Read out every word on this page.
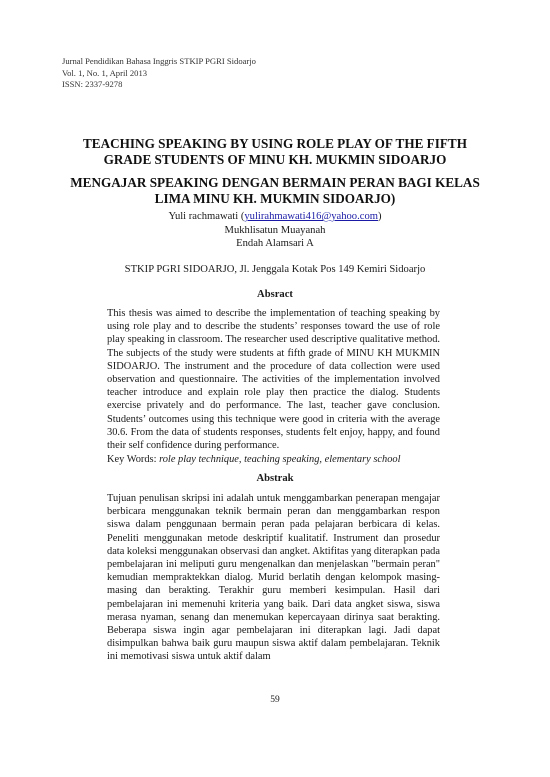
Jurnal Pendidikan Bahasa Inggris STKIP PGRI Sidoarjo
Vol. 1, No. 1, April 2013
ISSN: 2337-9278
TEACHING SPEAKING BY USING ROLE PLAY OF THE FIFTH GRADE STUDENTS OF MINU KH. MUKMIN SIDOARJO
MENGAJAR SPEAKING DENGAN BERMAIN PERAN BAGI KELAS LIMA MINU KH. MUKMIN SIDOARJO)
Yuli rachmawati (yulirahmawati416@yahoo.com)
Mukhlisatun Muayanah
Endah Alamsari A
STKIP PGRI SIDOARJO, Jl. Jenggala Kotak Pos 149 Kemiri Sidoarjo
Absract
This thesis was aimed to describe the implementation of teaching speaking by using role play and to describe the students’ responses toward the use of role play speaking in classroom. The researcher used descriptive qualitative method. The subjects of the study were students at fifth grade of MINU KH MUKMIN SIDOARJO. The instrument and the procedure of data collection were used observation and questionnaire. The activities of the implementation involved teacher introduce and explain role play then practice the dialog. Students exercise privately and do performance. The last, teacher gave conclusion. Students’ outcomes using this technique were good in criteria with the average 30.6. From the data of students responses, students felt enjoy, happy, and found their self confidence during performance.
Key Words: role play technique, teaching speaking, elementary school
Abstrak
Tujuan penulisan skripsi ini adalah untuk menggambarkan penerapan mengajar berbicara menggunakan teknik bermain peran dan menggambarkan respon siswa dalam penggunaan bermain peran pada pelajaran berbicara di kelas. Peneliti menggunakan metode deskriptif kualitatif. Instrument dan prosedur data koleksi menggunakan observasi dan angket. Aktifitas yang diterapkan pada pembelajaran ini meliputi guru mengenalkan dan menjelaskan "bermain peran" kemudian mempraktekkan dialog. Murid berlatih dengan kelompok masing-masing dan berakting. Terakhir guru memberi kesimpulan. Hasil dari pembelajaran ini memenuhi kriteria yang baik. Dari data angket siswa, siswa merasa nyaman, senang dan menemukan kepercayaan dirinya saat berakting. Beberapa siswa ingin agar pembelajaran ini diterapkan lagi. Jadi dapat disimpulkan bahwa baik guru maupun siswa aktif dalam pembelajaran. Teknik ini memotivasi siswa untuk aktif dalam
59
